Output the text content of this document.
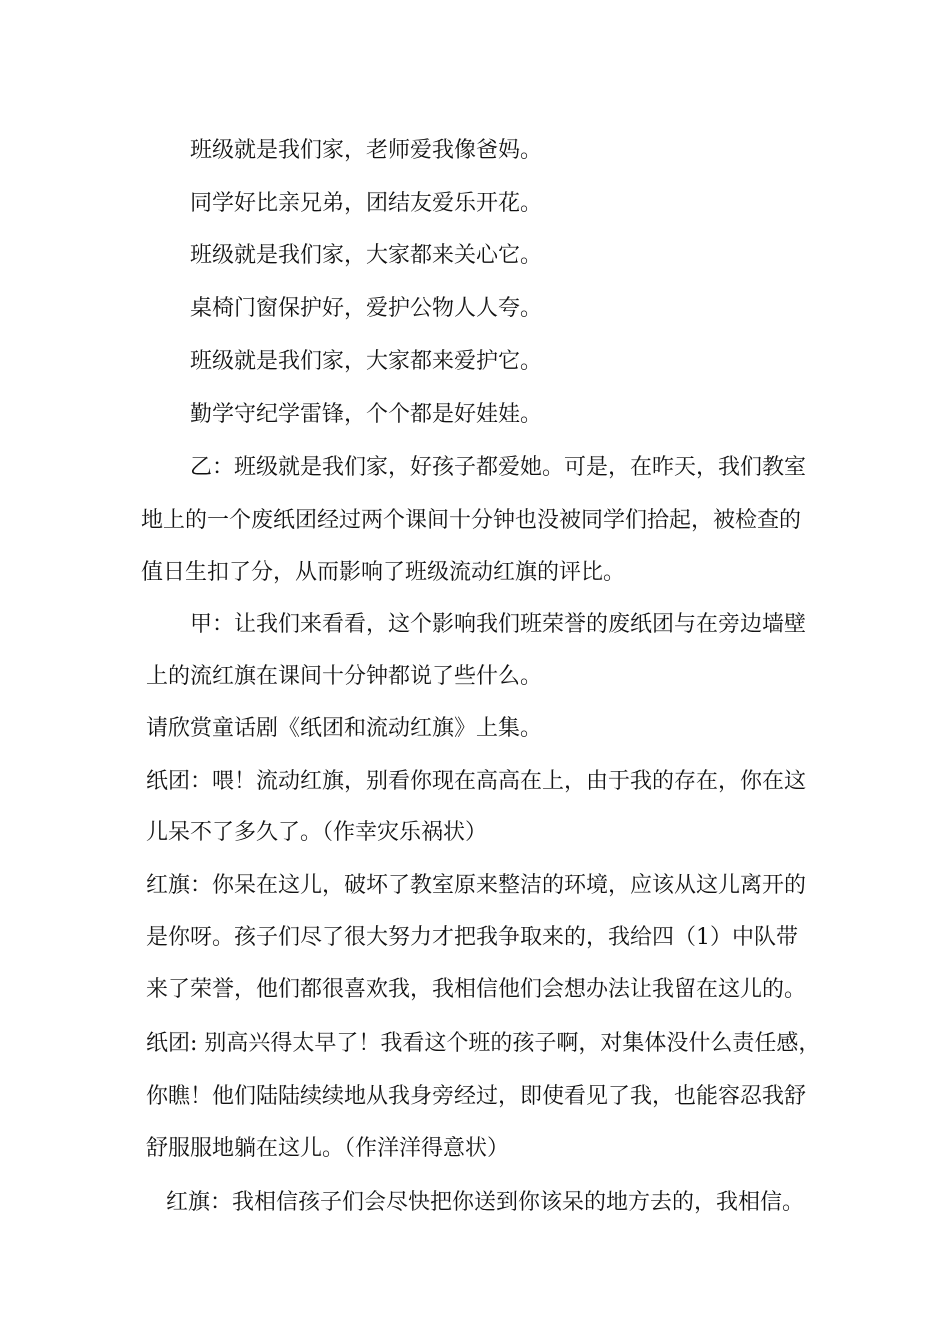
班级就是我们家，老师爱我像爸妈。
同学好比亲兄弟，团结友爱乐开花。
班级就是我们家，大家都来关心它。
桌椅门窗保护好，爱护公物人人夸。
班级就是我们家，大家都来爱护它。
勤学守纪学雷锋，个个都是好娃娃。
乙：班级就是我们家，好孩子都爱她。可是，在昨天，我们教室
地上的一个废纸团经过两个课间十分钟也没被同学们拾起，被检查的
值日生扣了分，从而影响了班级流动红旗的评比。
甲：让我们来看看，这个影响我们班荣誉的废纸团与在旁边墙壁
上的流红旗在课间十分钟都说了些什么。
请欣赏童话剧《纸团和流动红旗》上集。
纸团：喂！流动红旗，别看你现在高高在上，由于我的存在，你在这
儿呆不了多久了。（作幸灾乐祸状）
红旗：你呆在这儿，破坏了教室原来整洁的环境，应该从这儿离开的
是你呀。孩子们尽了很大努力才把我争取来的，我给四（1）中队带
来了荣誉，他们都很喜欢我，我相信他们会想办法让我留在这儿的。
纸团: 别高兴得太早了！我看这个班的孩子啊，对集体没什么责任感，
你瞧！他们陆陆续续地从我身旁经过，即使看见了我，也能容忍我舒
舒服服地躺在这儿。（作洋洋得意状）
红旗：我相信孩子们会尽快把你送到你该呆的地方去的，我相信。
